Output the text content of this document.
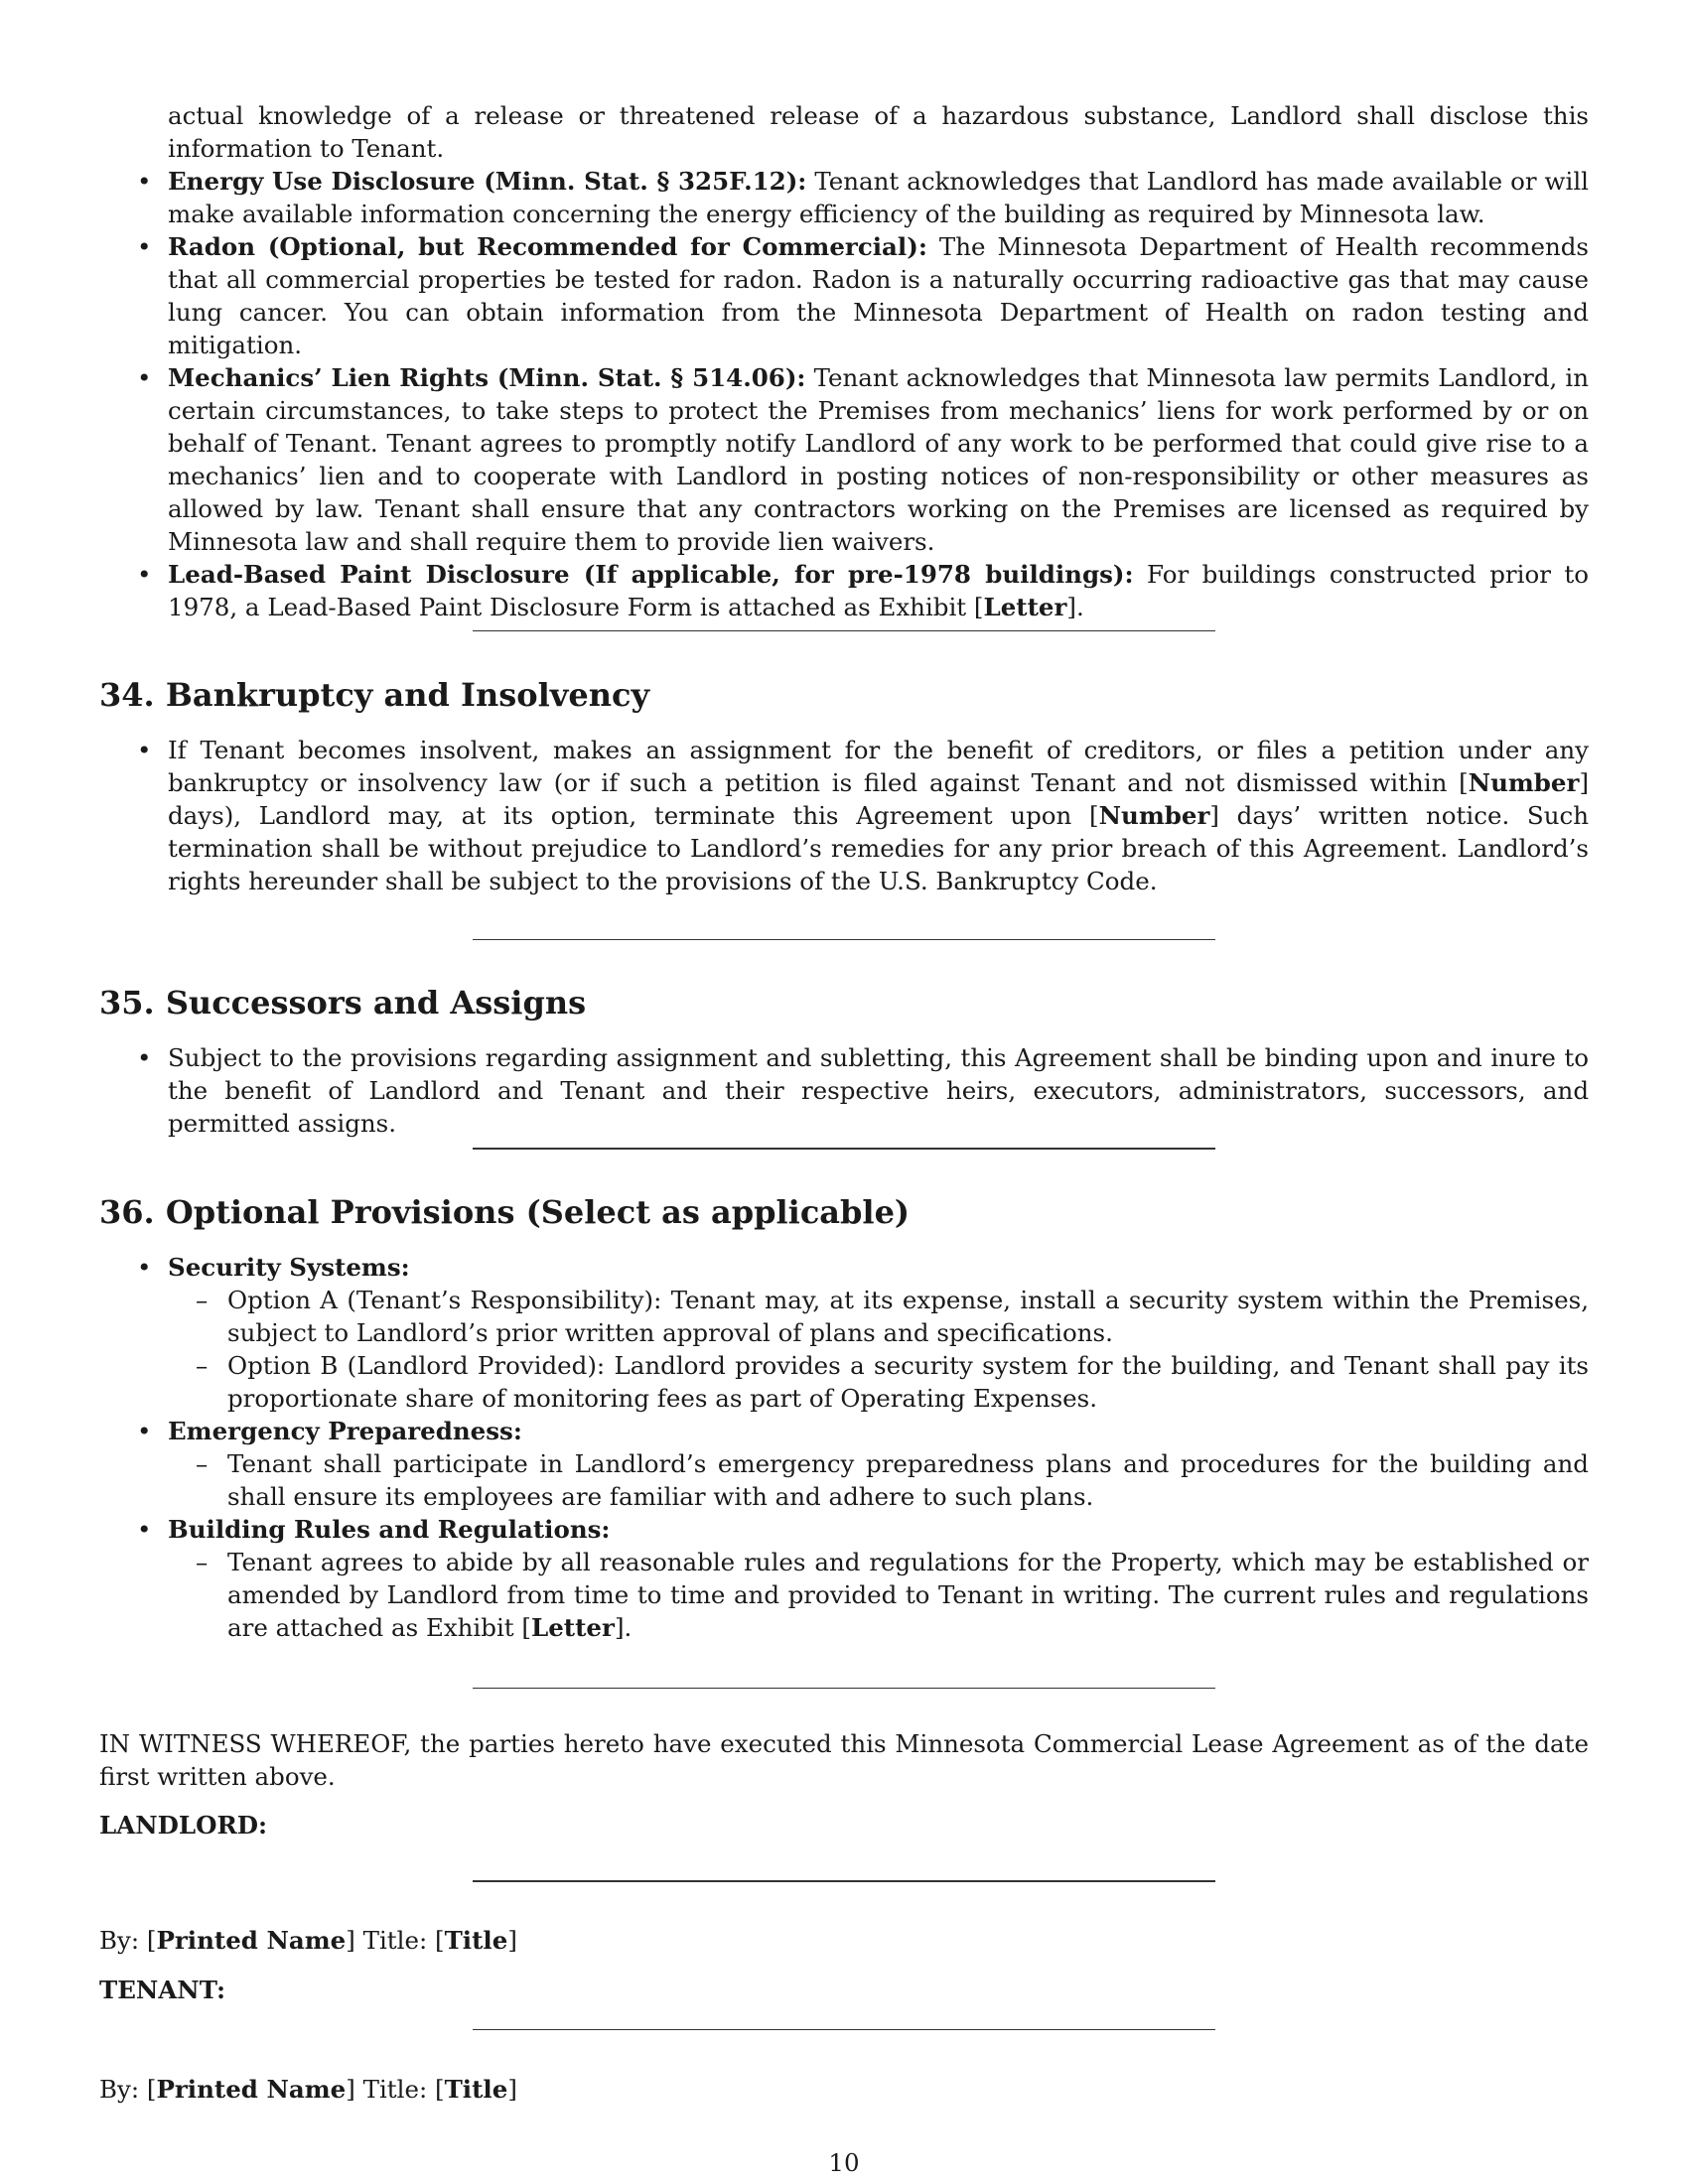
actual knowledge of a release or threatened release of a hazardous substance, Landlord shall disclose this information to Tenant.
• Energy Use Disclosure (Minn. Stat. § 325F.12): Tenant acknowledges that Landlord has made available or will make available information concerning the energy efficiency of the building as required by Minnesota law.
• Radon (Optional, but Recommended for Commercial): The Minnesota Department of Health recommends that all commercial properties be tested for radon. Radon is a naturally occurring radioactive gas that may cause lung cancer. You can obtain information from the Minnesota Department of Health on radon testing and mitigation.
• Mechanics’ Lien Rights (Minn. Stat. § 514.06): Tenant acknowledges that Minnesota law permits Landlord, in certain circumstances, to take steps to protect the Premises from mechanics’ liens for work performed by or on behalf of Tenant. Tenant agrees to promptly notify Landlord of any work to be performed that could give rise to a mechanics’ lien and to cooperate with Landlord in posting notices of non-responsibility or other measures as allowed by law. Tenant shall ensure that any contractors working on the Premises are licensed as required by Minnesota law and shall require them to provide lien waivers.
• Lead-Based Paint Disclosure (If applicable, for pre-1978 buildings): For buildings constructed prior to 1978, a Lead-Based Paint Disclosure Form is attached as Exhibit [Letter].
34. Bankruptcy and Insolvency
• If Tenant becomes insolvent, makes an assignment for the benefit of creditors, or files a petition under any bankruptcy or insolvency law (or if such a petition is filed against Tenant and not dismissed within [Number] days), Landlord may, at its option, terminate this Agreement upon [Number] days’ written notice. Such termination shall be without prejudice to Landlord’s remedies for any prior breach of this Agreement. Landlord’s rights hereunder shall be subject to the provisions of the U.S. Bankruptcy Code.
35. Successors and Assigns
• Subject to the provisions regarding assignment and subletting, this Agreement shall be binding upon and inure to the benefit of Landlord and Tenant and their respective heirs, executors, administrators, successors, and permitted assigns.
36. Optional Provisions (Select as applicable)
• Security Systems:
– Option A (Tenant’s Responsibility): Tenant may, at its expense, install a security system within the Premises, subject to Landlord’s prior written approval of plans and specifications.
– Option B (Landlord Provided): Landlord provides a security system for the building, and Tenant shall pay its proportionate share of monitoring fees as part of Operating Expenses.
• Emergency Preparedness:
– Tenant shall participate in Landlord’s emergency preparedness plans and procedures for the building and shall ensure its employees are familiar with and adhere to such plans.
• Building Rules and Regulations:
– Tenant agrees to abide by all reasonable rules and regulations for the Property, which may be established or amended by Landlord from time to time and provided to Tenant in writing. The current rules and regulations are attached as Exhibit [Letter].
IN WITNESS WHEREOF, the parties hereto have executed this Minnesota Commercial Lease Agreement as of the date first written above.
LANDLORD:
By: [Printed Name] Title: [Title]
TENANT:
By: [Printed Name] Title: [Title]
10
